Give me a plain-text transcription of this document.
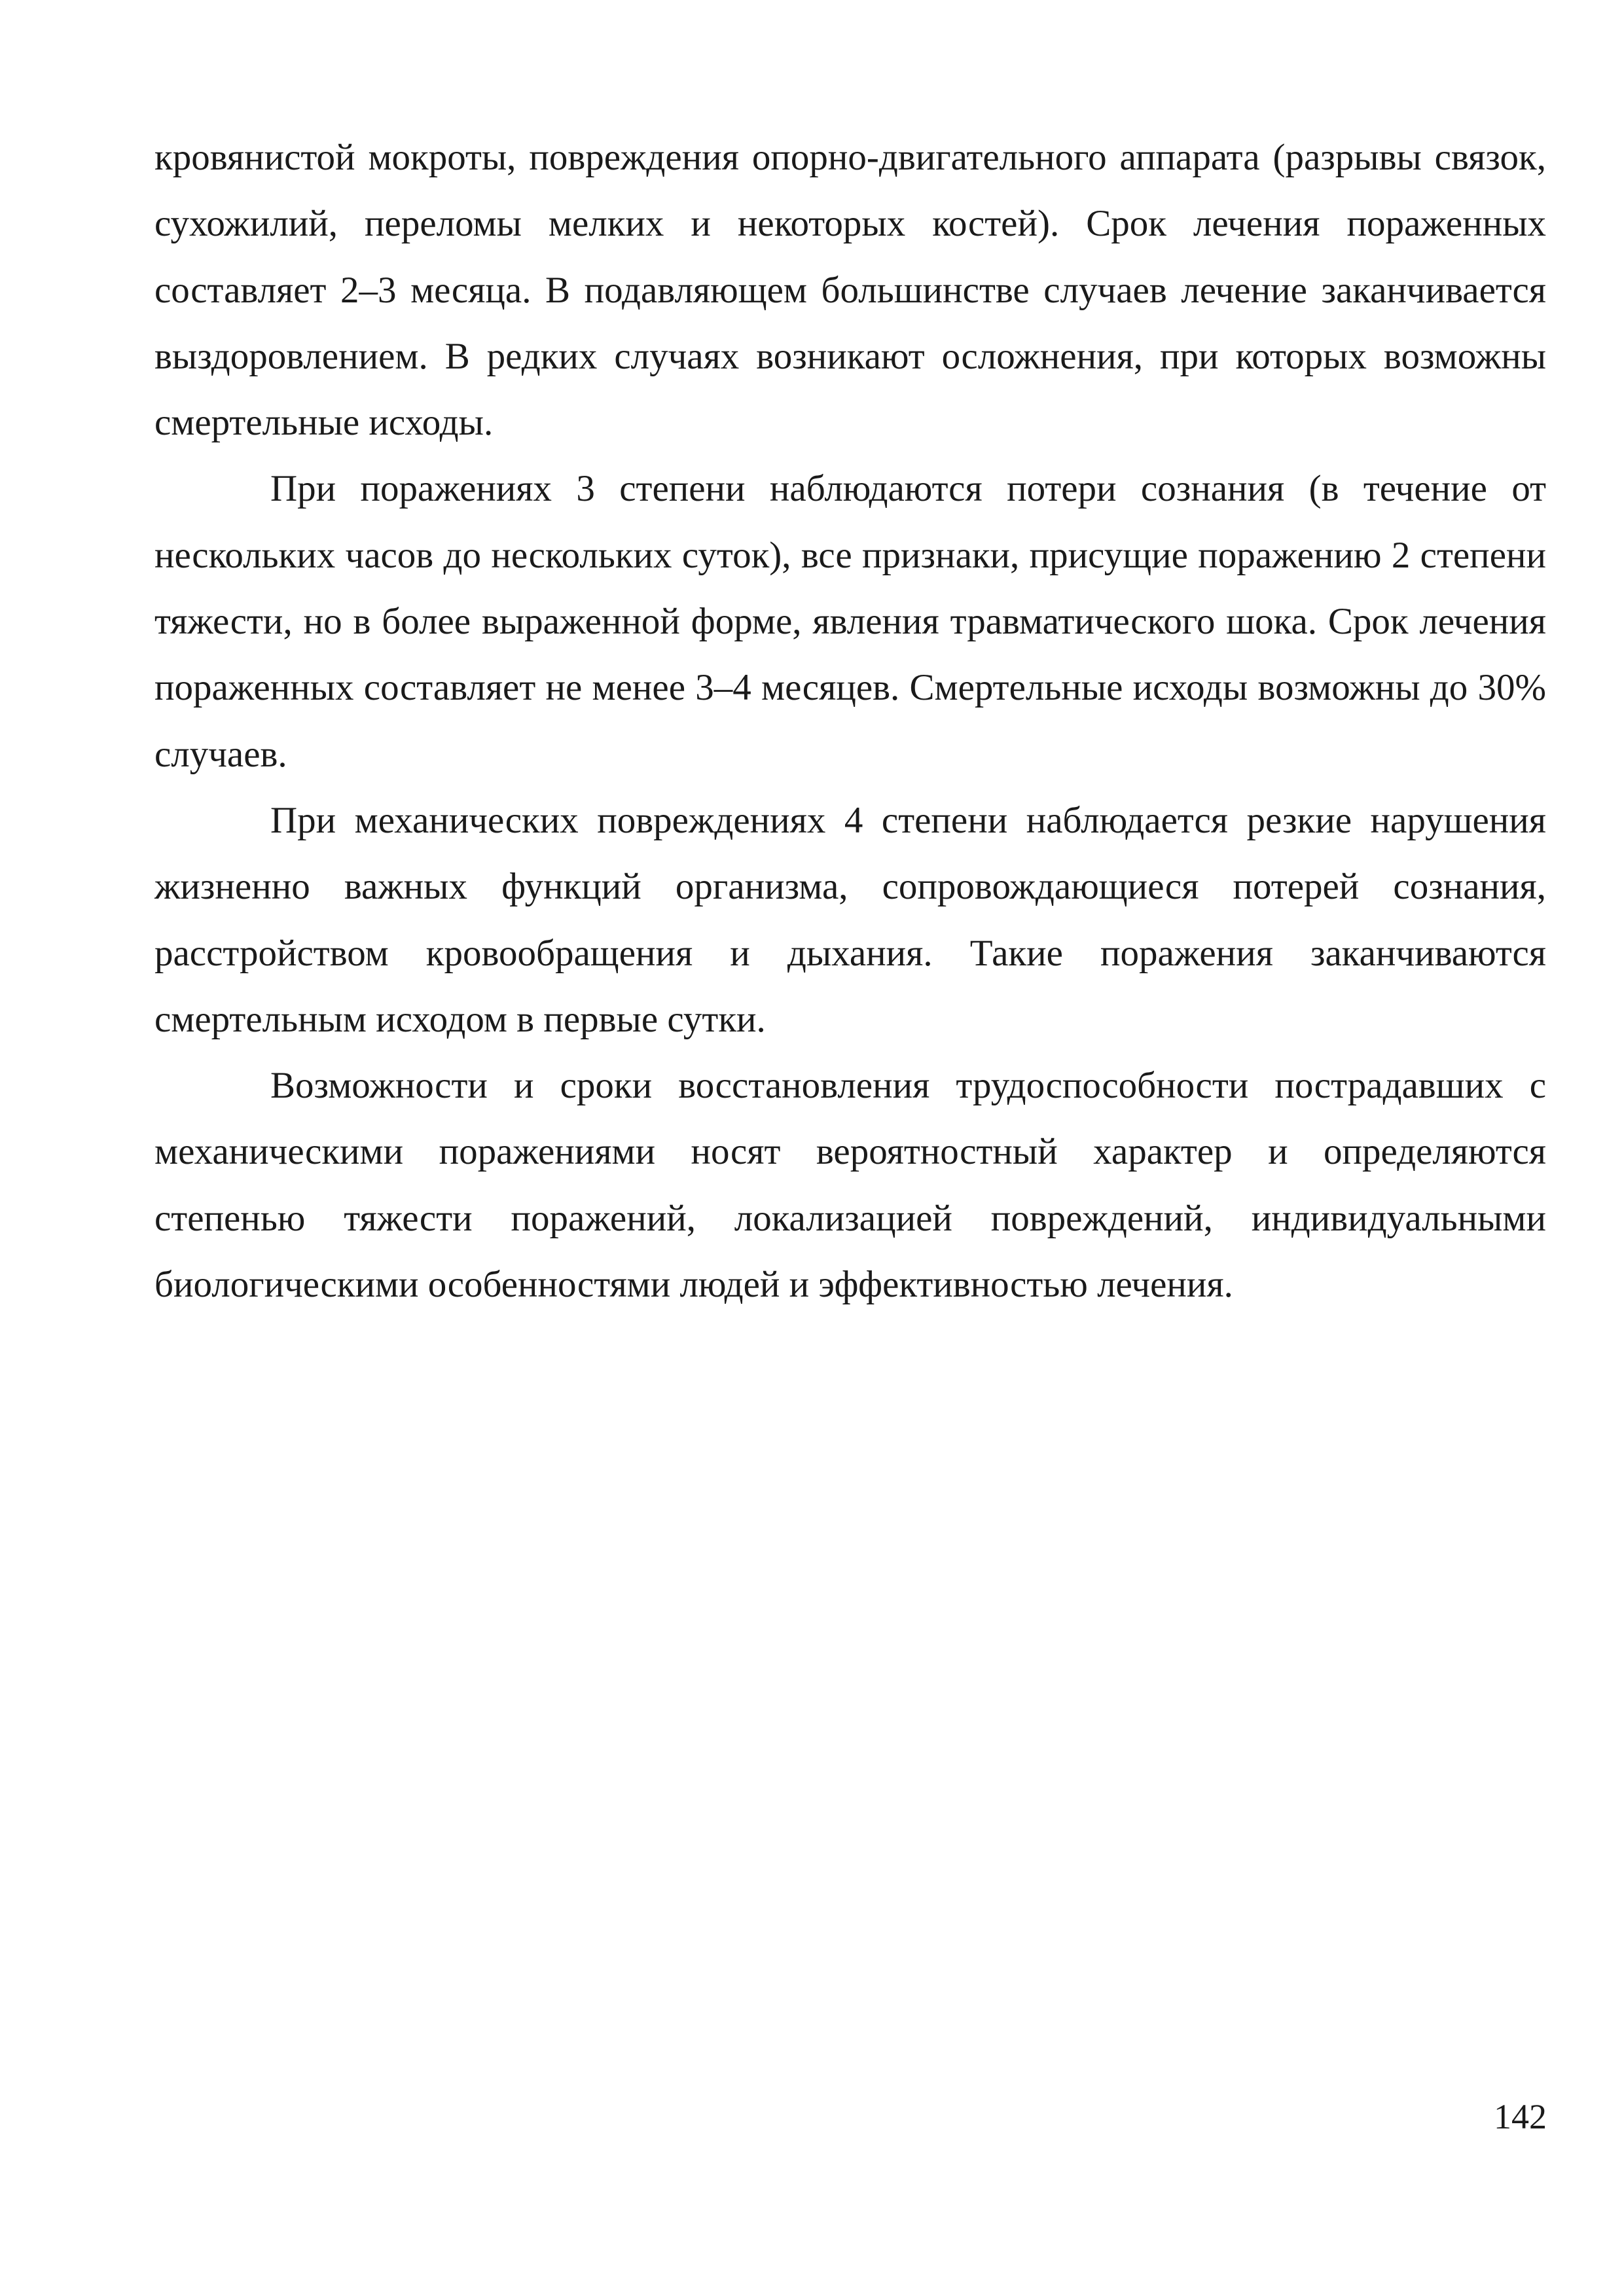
кровянистой мокроты, повреждения опорно-двигательного аппарата (разрывы связок, сухожилий, переломы мелких и некоторых костей). Срок лечения пораженных составляет 2–3 месяца. В подавляющем большинстве случаев лечение заканчивается выздоровлением. В редких случаях возникают осложнения, при которых возможны смертельные исходы.

При поражениях 3 степени наблюдаются потери сознания (в течение от нескольких часов до нескольких суток), все признаки, присущие поражению 2 степени тяжести, но в более выраженной форме, явления травматического шока. Срок лечения пораженных составляет не менее 3–4 месяцев. Смертельные исходы возможны до 30% случаев.

При механических повреждениях 4 степени наблюдается резкие нарушения жизненно важных функций организма, сопровождающиеся потерей сознания, расстройством кровообращения и дыхания. Такие поражения заканчиваются смертельным исходом в первые сутки.

Возможности и сроки восстановления трудоспособности пострадавших с механическими поражениями носят вероятностный характер и определяются степенью тяжести поражений, локализацией повреждений, индивидуальными биологическими особенностями людей и эффективностью лечения.

142
